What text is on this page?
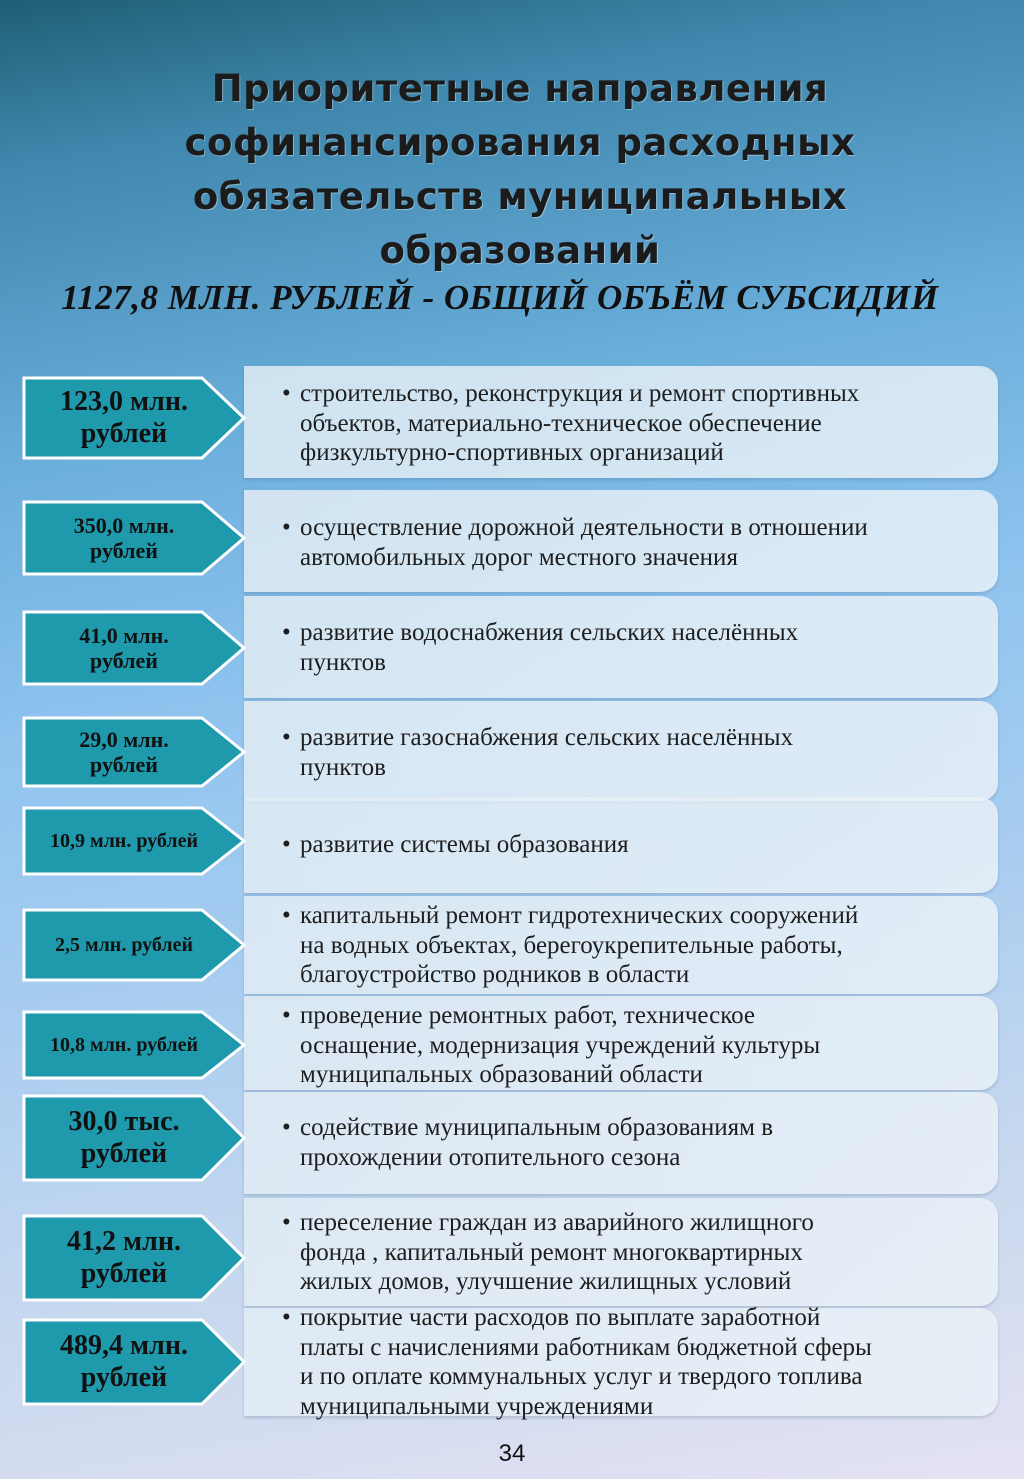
Приоритетные направления
софинансирования расходных
обязательств муниципальных
образований
1127,8 МЛН. РУБЛЕЙ - ОБЩИЙ ОБЪЁМ СУБСИДИЙ
• строительство, реконструкция и ремонт спортивных
объектов, материально-техническое обеспечение
физкультурно-спортивных организаций
123,0 млн.
рублей
• осуществление дорожной деятельности в отношении
автомобильных дорог местного значения
350,0 млн.
рублей
• развитие водоснабжения сельских населённых
пунктов
41,0 млн.
рублей
• развитие газоснабжения сельских населённых
пунктов
29,0 млн.
рублей
• развитие системы образования
10,9 млн. рублей
• капитальный ремонт гидротехнических сооружений
на водных объектах, берегоукрепительные работы,
благоустройство родников в области
2,5 млн. рублей
• проведение ремонтных работ, техническое
оснащение, модернизация учреждений культуры
муниципальных образований области
10,8 млн. рублей
• содействие муниципальным образованиям в
прохождении отопительного сезона
30,0 тыс.
рублей
• переселение граждан из аварийного жилищного
фонда , капитальный ремонт многоквартирных
жилых домов, улучшение жилищных условий
41,2 млн.
рублей
• покрытие части расходов по выплате заработной
платы с начислениями работникам бюджетной сферы
и по оплате коммунальных услуг и твердого топлива
муниципальными учреждениями
489,4 млн.
рублей
34
